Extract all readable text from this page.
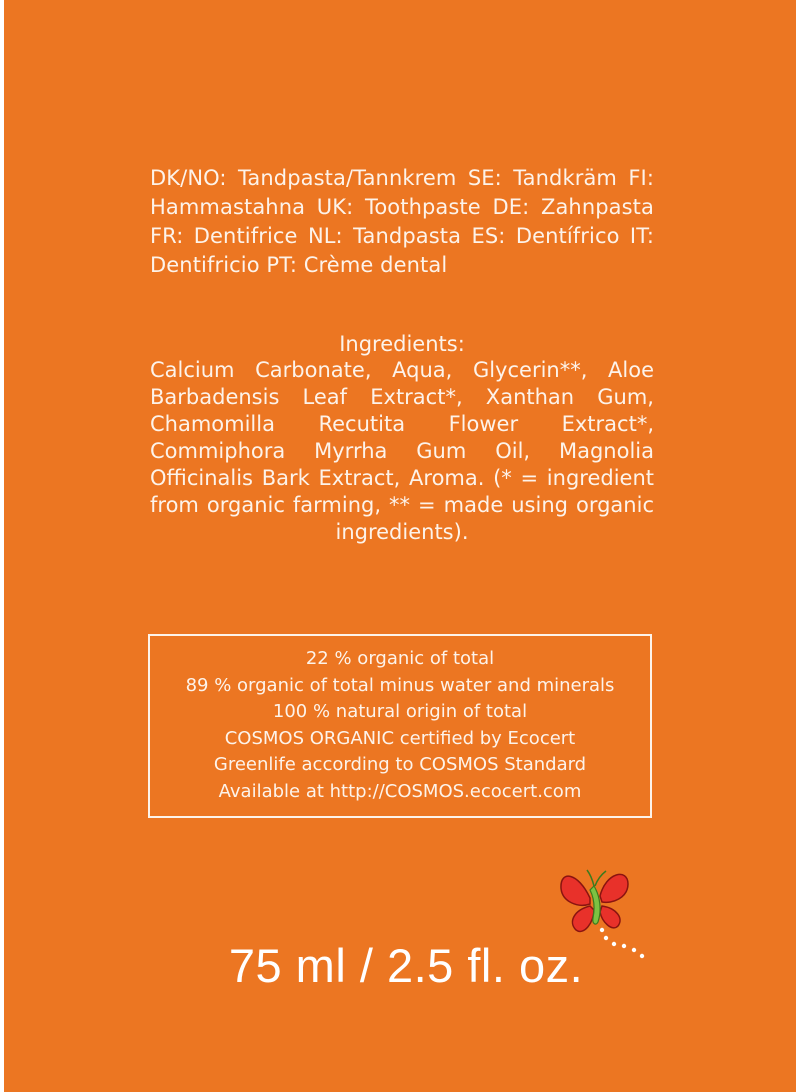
DK/NO: Tandpasta/Tannkrem SE: Tandkräm FI: Hammastahna UK: Toothpaste DE: Zahnpasta FR: Dentifrice NL: Tandpasta ES: Dentífrico IT: Dentifricio PT: Crème dental
Ingredients:
Calcium Carbonate, Aqua, Glycerin**, Aloe Barbadensis Leaf Extract*, Xanthan Gum, Chamomilla Recutita Flower Extract*, Commiphora Myrrha Gum Oil, Magnolia Officinalis Bark Extract, Aroma. (* = ingredient from organic farming, ** = made using organic ingredients).
22 % organic of total
89 % organic of total minus water and minerals
100 % natural origin of total
COSMOS ORGANIC certified by Ecocert
Greenlife according to COSMOS Standard
Available at http://COSMOS.ecocert.com
75 ml / 2.5 fl. oz.
